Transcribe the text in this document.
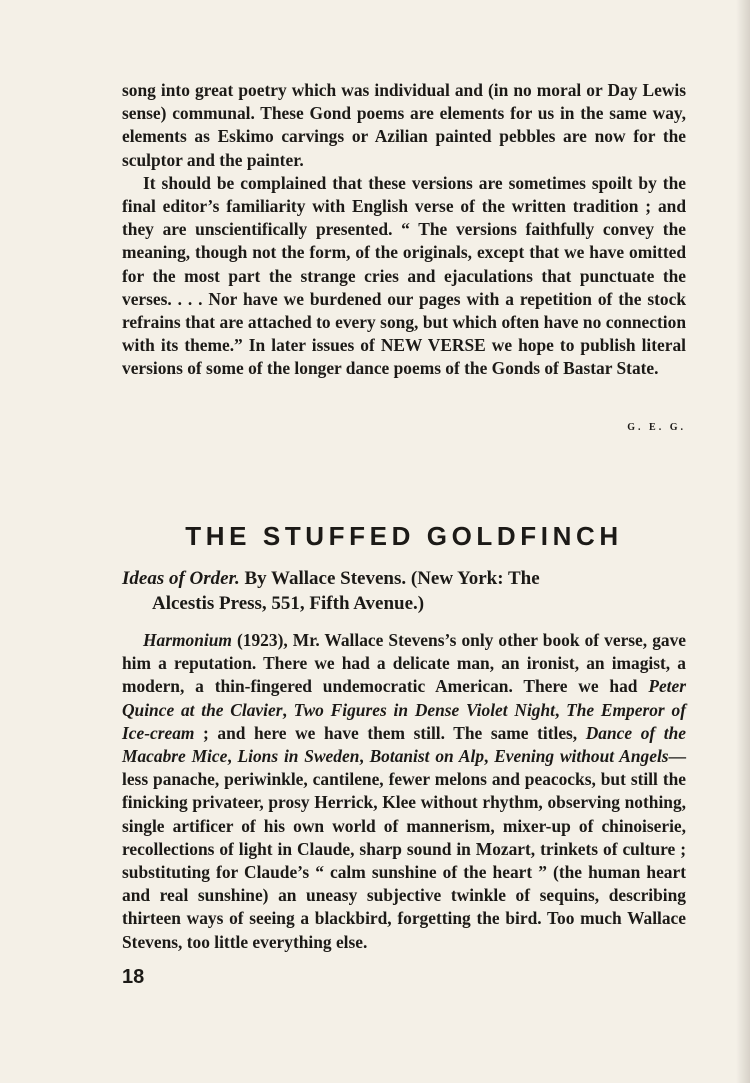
song into great poetry which was individual and (in no moral or Day Lewis sense) communal. These Gond poems are elements for us in the same way, elements as Eskimo carvings or Azilian painted pebbles are now for the sculptor and the painter.

It should be complained that these versions are sometimes spoilt by the final editor’s familiarity with English verse of the written tradition ; and they are unscientifically presented. “ The versions faithfully convey the meaning, though not the form, of the originals, except that we have omitted for the most part the strange cries and ejaculations that punctuate the verses. . . . Nor have we burdened our pages with a repetition of the stock refrains that are attached to every song, but which often have no connection with its theme.” In later issues of NEW VERSE we hope to publish literal versions of some of the longer dance poems of the Gonds of Bastar State.

G. E. G.
THE STUFFED GOLDFINCH
Ideas of Order. By Wallace Stevens. (New York: The
Alcestis Press, 551, Fifth Avenue.)

Harmonium (1923), Mr. Wallace Stevens’s only other book of verse, gave him a reputation. There we had a delicate man, an ironist, an imagist, a modern, a thin-fingered undemocratic American. There we had Peter Quince at the Clavier, Two Figures in Dense Violet Night, The Emperor of Ice-cream ; and here we have them still. The same titles, Dance of the Macabre Mice, Lions in Sweden, Botanist on Alp, Evening without Angels—less panache, periwinkle, cantilene, fewer melons and peacocks, but still the finicking privateer, prosy Herrick, Klee without rhythm, observing nothing, single artificer of his own world of mannerism, mixer-up of chinoiserie, recollections of light in Claude, sharp sound in Mozart, trinkets of culture ; substituting for Claude’s “ calm sunshine of the heart ” (the human heart and real sunshine) an uneasy subjective twinkle of sequins, describing thirteen ways of seeing a blackbird, forgetting the bird. Too much Wallace Stevens, too little everything else.

18
